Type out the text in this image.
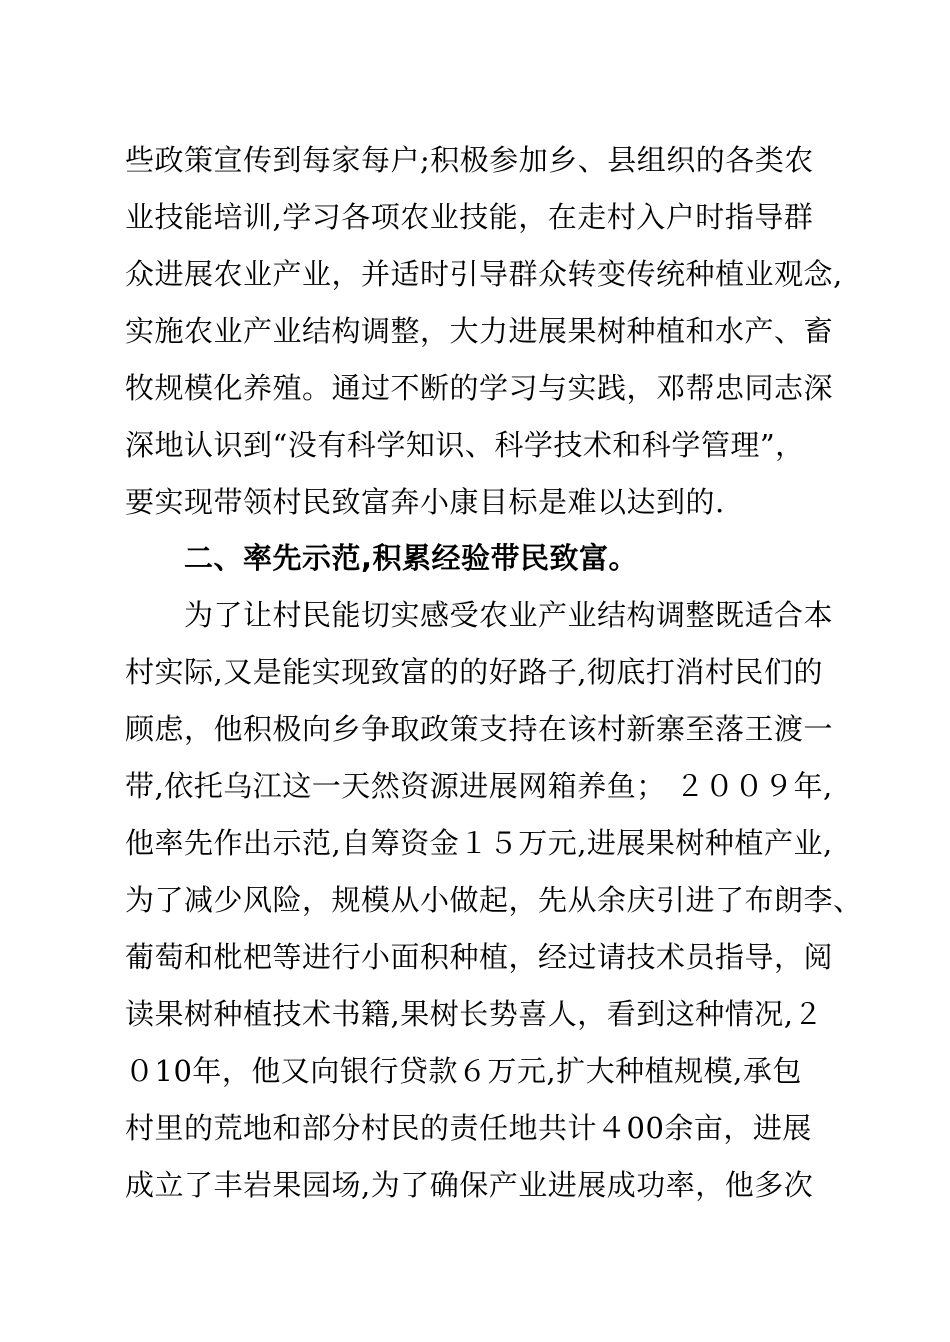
些政策宣传到每家每户;积极参加乡、县组织的各类农
业技能培训,学习各项农业技能，在走村入户时指导群
众进展农业产业，并适时引导群众转变传统种植业观念,
实施农业产业结构调整，大力进展果树种植和水产、畜
牧规模化养殖。通过不断的学习与实践，邓帮忠同志深
深地认识到“没有科学知识、科学技术和科学管理”，
要实现带领村民致富奔小康目标是难以达到的.
二、率先示范,积累经验带民致富。
为了让村民能切实感受农业产业结构调整既适合本
村实际,又是能实现致富的的好路子,彻底打消村民们的
顾虑，他积极向乡争取政策支持在该村新寨至落王渡一
带,依托乌江这一天然资源进展网箱养鱼； ２００９年,
他率先作出示范,自筹资金１５万元,进展果树种植产业,
为了减少风险，规模从小做起，先从余庆引进了布朗李、
葡萄和枇杷等进行小面积种植，经过请技术员指导，阅
读果树种植技术书籍,果树长势喜人，看到这种情况,２
０10年，他又向银行贷款６万元,扩大种植规模,承包
村里的荒地和部分村民的责任地共计４00余亩，进展
成立了丰岩果园场,为了确保产业进展成功率，他多次
